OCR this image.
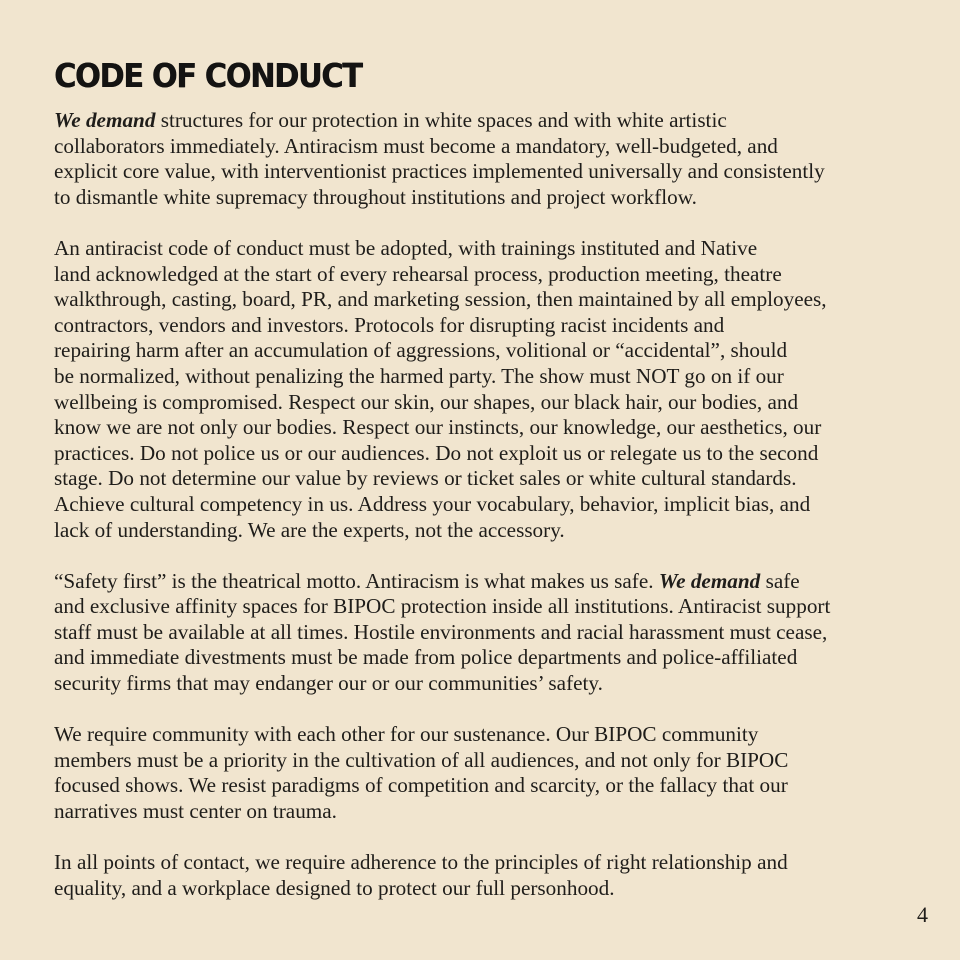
CODE OF CONDUCT

We demand structures for our protection in white spaces and with white artistic
collaborators immediately. Antiracism must become a mandatory, well-budgeted, and
explicit core value, with interventionist practices implemented universally and consistently
to dismantle white supremacy throughout institutions and project workflow.

An antiracist code of conduct must be adopted, with trainings instituted and Native
land acknowledged at the start of every rehearsal process, production meeting, theatre
walkthrough, casting, board, PR, and marketing session, then maintained by all employees,
contractors, vendors and investors. Protocols for disrupting racist incidents and
repairing harm after an accumulation of aggressions, volitional or “accidental”, should
be normalized, without penalizing the harmed party. The show must NOT go on if our
wellbeing is compromised. Respect our skin, our shapes, our black hair, our bodies, and
know we are not only our bodies. Respect our instincts, our knowledge, our aesthetics, our
practices. Do not police us or our audiences. Do not exploit us or relegate us to the second
stage. Do not determine our value by reviews or ticket sales or white cultural standards.
Achieve cultural competency in us. Address your vocabulary, behavior, implicit bias, and
lack of understanding. We are the experts, not the accessory.

“Safety first” is the theatrical motto. Antiracism is what makes us safe. We demand safe
and exclusive affinity spaces for BIPOC protection inside all institutions. Antiracist support
staff must be available at all times. Hostile environments and racial harassment must cease,
and immediate divestments must be made from police departments and police-affiliated
security firms that may endanger our or our communities’ safety.

We require community with each other for our sustenance. Our BIPOC community
members must be a priority in the cultivation of all audiences, and not only for BIPOC
focused shows. We resist paradigms of competition and scarcity, or the fallacy that our
narratives must center on trauma.

In all points of contact, we require adherence to the principles of right relationship and
equality, and a workplace designed to protect our full personhood.

4
